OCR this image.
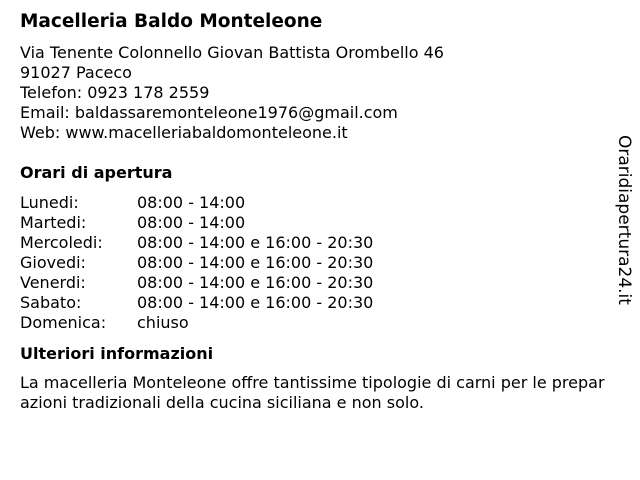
Macelleria Baldo Monteleone
Via Tenente Colonnello Giovan Battista Orombello 46
91027 Paceco
Telefon: 0923 178 2559
Email: baldassaremonteleone1976@gmail.com
Web: www.macelleriabaldomonteleone.it
Orari di apertura
Lunedi:	08:00 - 14:00
Martedi:	08:00 - 14:00
Mercoledi:	08:00 - 14:00 e 16:00 - 20:30
Giovedi:	08:00 - 14:00 e 16:00 - 20:30
Venerdi:	08:00 - 14:00 e 16:00 - 20:30
Sabato:	08:00 - 14:00 e 16:00 - 20:30
Domenica:	chiuso
Ulteriori informazioni
La macelleria Monteleone offre tantissime tipologie di carni per le preparazioni tradizionali della cucina siciliana e non solo.
Oraridiapertura24.it
